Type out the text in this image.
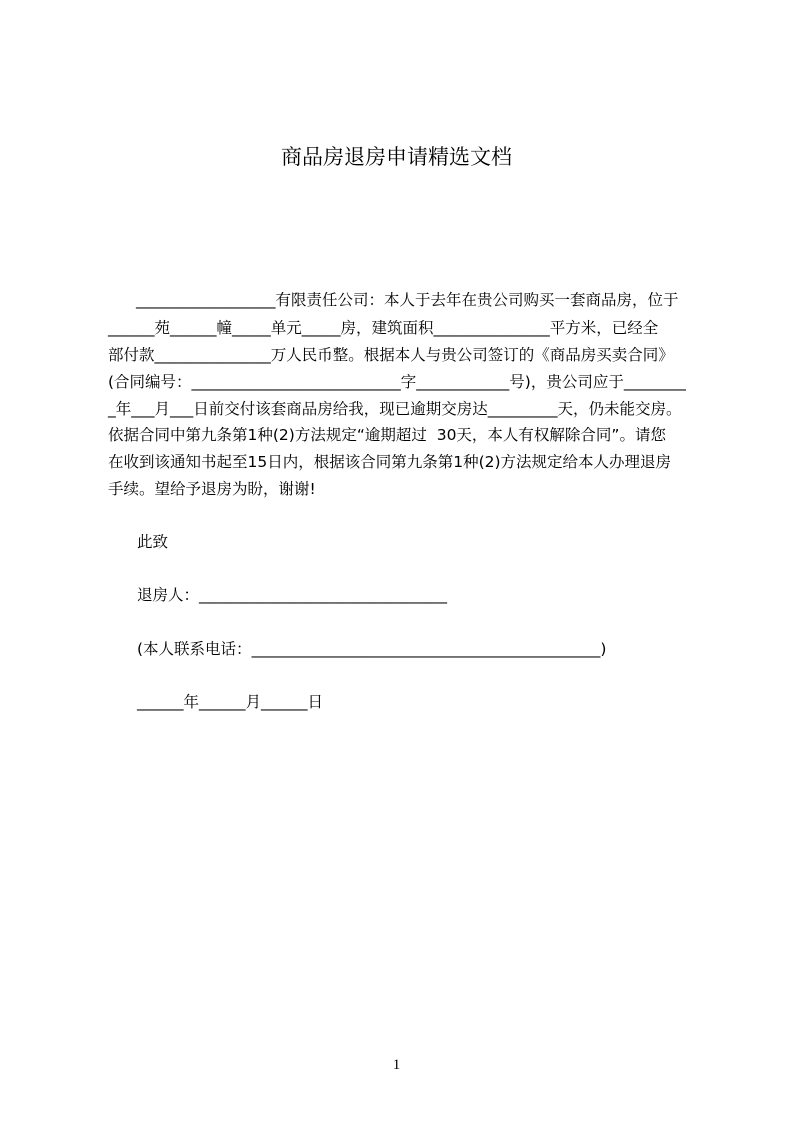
商品房退房申请精选文档
__________________有限责任公司：本人于去年在贵公司购买一套商品房，位于
______苑______幢_____单元_____房，建筑面积_______________平方米，已经全
部付款_______________万人民币整。根据本人与贵公司签订的《商品房买卖合同》
(合同编号：___________________________字____________号)，贵公司应于________
_年___月___日前交付该套商品房给我，现已逾期交房达_________天，仍未能交房。
依据合同中第九条第1种(2)方法规定“逾期超过  30天，本人有权解除合同”。请您
在收到该通知书起至15日内，根据该合同第九条第1种(2)方法规定给本人办理退房
手续。望给予退房为盼，谢谢!
此致
退房人：________________________________
(本人联系电话：_____________________________________________)
______年______月______日
1
